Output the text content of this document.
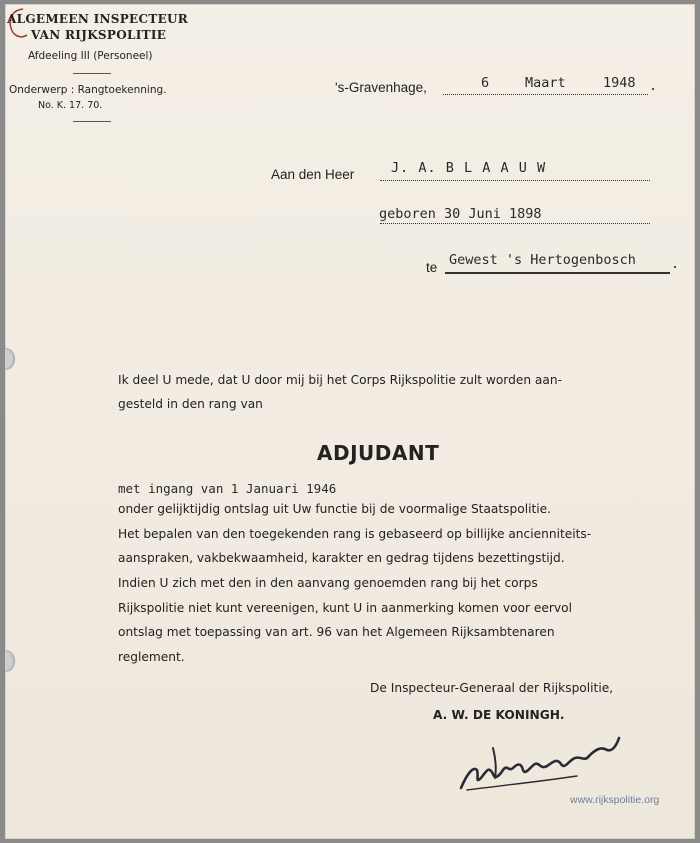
ALGEMEEN INSPECTEUR
VAN RIJKSPOLITIE
Afdeeling III (Personeel)
Onderwerp : Rangtoekenning.
No. K. 17. 70.
's-Gravenhage,	6	Maart	1948 .
Aan den Heer	J. A. B L A A U W
geboren 30 Juni 1898
te Gewest 's Hertogenbosch	.
Ik deel U mede, dat U door mij bij het Corps Rijkspolitie zult worden aan-
gesteld in den rang van
ADJUDANT
met ingang van 1 Januari 1946
onder gelijktijdig ontslag uit Uw functie bij de voormalige Staatspolitie.
Het bepalen van den toegekenden rang is gebaseerd op billijke ancienniteits-
aanspraken, vakbekwaamheid, karakter en gedrag tijdens bezettingstijd.
Indien U zich met den in den aanvang genoemden rang bij het corps
Rijkspolitie niet kunt vereenigen, kunt U in aanmerking komen voor eervol
ontslag met toepassing van art. 96 van het Algemeen Rijksambtenaren
reglement.
De Inspecteur-Generaal der Rijkspolitie,
A. W. DE KONINGH.
www.rijkspolitie.org
